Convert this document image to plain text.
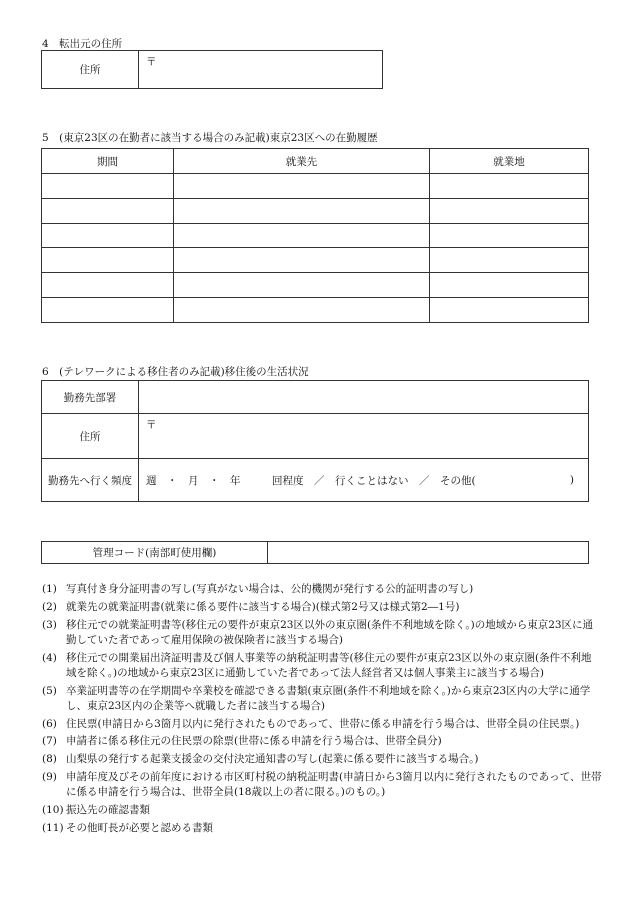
4　転出元の住所
住所	〒
5　(東京23区の在勤者に該当する場合のみ記載)東京23区への在勤履歴
期間	就業先	就業地

6　(テレワークによる移住者のみ記載)移住後の生活状況
勤務先部署	
住所	〒
勤務先へ行く頻度	週　・　月　・　年　　　回程度　／　行くことはない　／　その他( )
管理コード(南部町使用欄)	
(1) 写真付き身分証明書の写し(写真がない場合は、公的機関が発行する公的証明書の写し)
(2) 就業先の就業証明書(就業に係る要件に該当する場合)(様式第2号又は様式第2―1号)
(3) 移住元での就業証明書等(移住元の要件が東京23区以外の東京圏(条件不利地域を除く。)の地域から東京23区に通勤していた者であって雇用保険の被保険者に該当する場合)
(4) 移住元での開業届出済証明書及び個人事業等の納税証明書等(移住元の要件が東京23区以外の東京圏(条件不利地域を除く。)の地域から東京23区に通勤していた者であって法人経営者又は個人事業主に該当する場合)
(5) 卒業証明書等の在学期間や卒業校を確認できる書類(東京圏(条件不利地域を除く。)から東京23区内の大学に通学し、東京23区内の企業等へ就職した者に該当する場合)
(6) 住民票(申請日から3箇月以内に発行されたものであって、世帯に係る申請を行う場合は、世帯全員の住民票。)
(7) 申請者に係る移住元の住民票の除票(世帯に係る申請を行う場合は、世帯全員分)
(8) 山梨県の発行する起業支援金の交付決定通知書の写し(起業に係る要件に該当する場合。)
(9) 申請年度及びその前年度における市区町村税の納税証明書(申請日から3箇月以内に発行されたものであって、世帯に係る申請を行う場合は、世帯全員(18歳以上の者に限る。)のもの。)
(10) 振込先の確認書類
(11) その他町長が必要と認める書類
